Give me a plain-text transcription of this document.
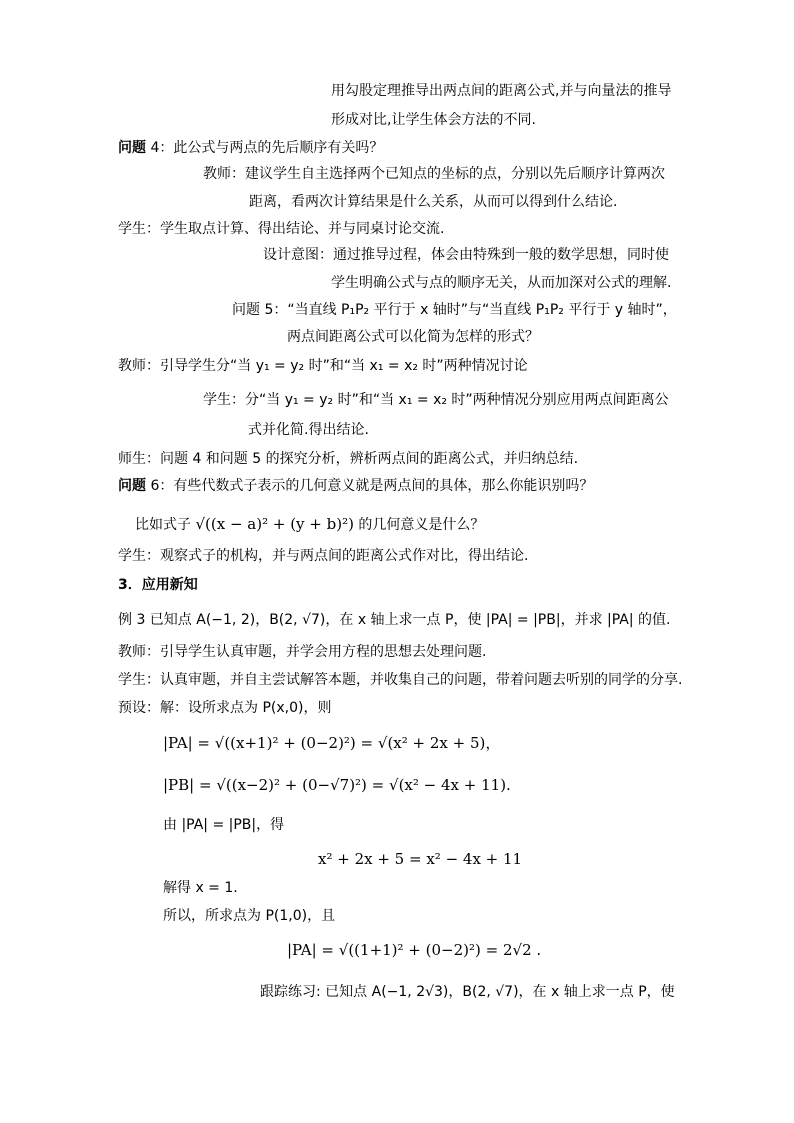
用勾股定理推导出两点间的距离公式,并与向量法的推导
形成对比,让学生体会方法的不同.
问题 4：此公式与两点的先后顺序有关吗？
教师：建议学生自主选择两个已知点的坐标的点，分别以先后顺序计算两次
距离，看两次计算结果是什么关系，从而可以得到什么结论.
学生：学生取点计算、得出结论、并与同桌讨论交流.
设计意图：通过推导过程，体会由特殊到一般的数学思想，同时使
学生明确公式与点的顺序无关，从而加深对公式的理解.
问题 5：“当直线 P₁P₂ 平行于 x 轴时”与“当直线 P₁P₂ 平行于 y 轴时”，
两点间距离公式可以化简为怎样的形式？
教师：引导学生分“当 y₁ = y₂ 时”和“当 x₁ = x₂ 时”两种情况讨论
学生：分“当 y₁ = y₂ 时”和“当 x₁ = x₂ 时”两种情况分别应用两点间距离公
式并化简.得出结论.
师生：问题 4 和问题 5 的探究分析，辨析两点间的距离公式，并归纳总结.
问题 6：有些代数式子表示的几何意义就是两点间的具体，那么你能识别吗？
比如式子 √((x − a)² + (y + b)²) 的几何意义是什么？
学生：观察式子的机构，并与两点间的距离公式作对比，得出结论.
3．应用新知
例 3 已知点 A(−1, 2)，B(2, √7)，在 x 轴上求一点 P，使 |PA| = |PB|，并求 |PA| 的值.
教师：引导学生认真审题，并学会用方程的思想去处理问题.
学生：认真审题，并自主尝试解答本题，并收集自己的问题，带着问题去听别的同学的分享.
预设：解：设所求点为 P(x,0)，则
|PA| = √((x+1)² + (0−2)²) = √(x² + 2x + 5)，
|PB| = √((x−2)² + (0−√7)²) = √(x² − 4x + 11).
由 |PA| = |PB|，得
x² + 2x + 5 = x² − 4x + 11
解得 x = 1.
所以，所求点为 P(1,0)，且
|PA| = √((1+1)² + (0−2)²) = 2√2 .
跟踪练习: 已知点 A(−1, 2√3)，B(2, √7)，在 x 轴上求一点 P，使
